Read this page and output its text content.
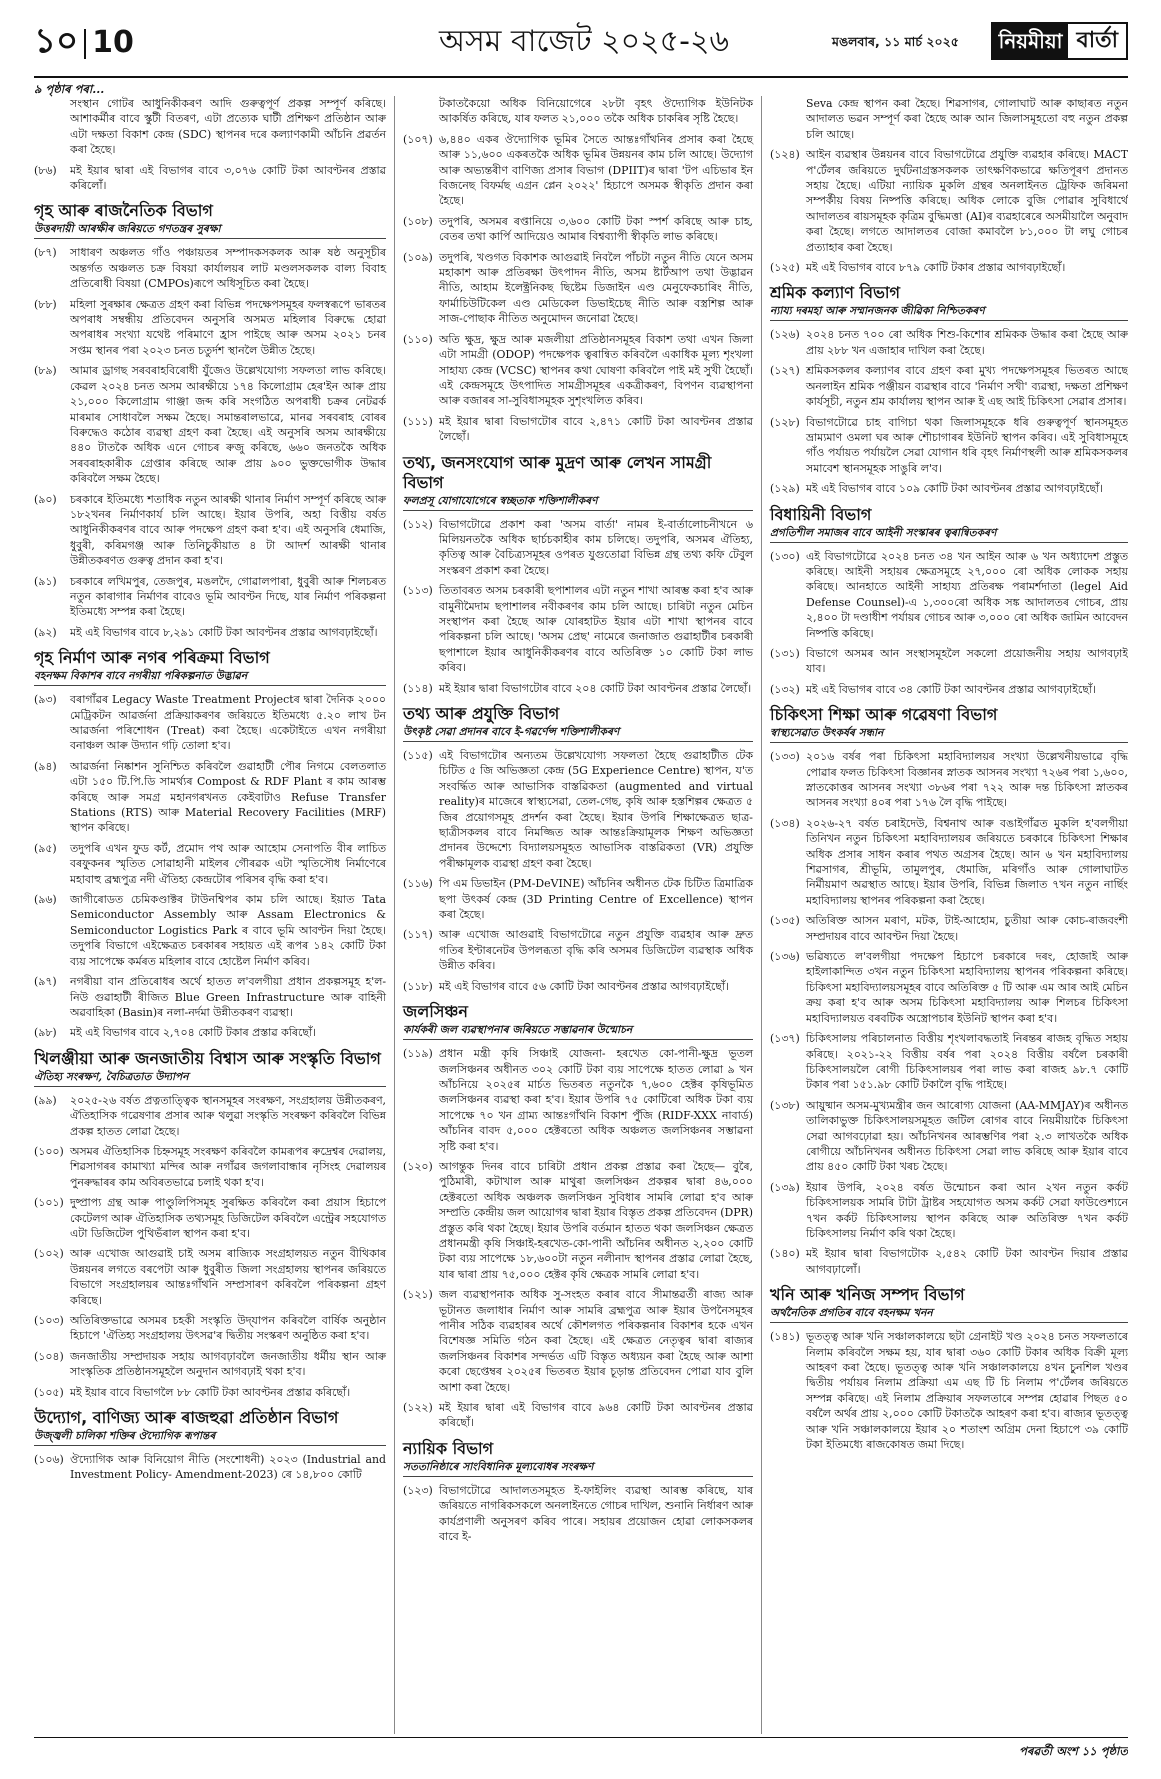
১০ 10	অসম বাজেট ২০২৫-২৬	মঙলবাৰ, ১১ মাৰ্চ ২০২৫	নিয়মীয়া বাৰ্তা
৯ পৃষ্ঠাৰ পৰা...

সংস্থান গোটৰ আধুনিকীকৰণ আদি গুৰুত্বপূৰ্ণ প্ৰকল্প সম্পূৰ্ণ কৰিছে। আশাকৰ্মীৰ বাবে স্কুটী বিতৰণ, এটা প্ৰত্যেক ঘাটী প্ৰশিক্ষণ প্ৰতিষ্ঠান আৰু এটা দক্ষতা বিকাশ কেন্দ্ৰ (SDC) স্থাপনৰ দৰে কল্যাণকামী আঁচনি প্ৰৱৰ্তন কৰা হৈছে।

(৮৬)	মই ইয়াৰ দ্বাৰা এই বিভাগৰ বাবে ৩,০৭৬ কোটি টকা আবণ্টনৰ প্ৰস্তাৱ কৰিলোঁ।

গৃহ আৰু ৰাজনৈতিক বিভাগ
উত্তৰদায়ী আৰক্ষীৰ জৰিয়তে গণতন্ত্ৰৰ সুৰক্ষা
(৮৭)	সাধাৰণ অঞ্চলত গাঁও পঞ্চায়তৰ সম্পাদকসকলক আৰু ষষ্ঠ অনুসূচীৰ অন্তৰ্গত অঞ্চলত চক্ৰ বিষয়া কাৰ্যালয়ৰ লাট মণ্ডলসকলক বাল্য বিবাহ প্ৰতিৰোধী বিষয়া (CMPOs)ৰূপে অধিসূচিত কৰা হৈছে।

(৮৮)	মহিলা সুৰক্ষাৰ ক্ষেত্ৰত গ্ৰহণ কৰা বিভিন্ন পদক্ষেপসমূহৰ ফলস্বৰূপে ভাৰতৰ অপৰাধ সম্বন্ধীয় প্ৰতিবেদন অনুসৰি অসমত মহিলাৰ বিৰুদ্ধে হোৱা অপৰাধৰ সংখ্যা যথেষ্ট পৰিমাণে হ্ৰাস পাইছে আৰু অসম ২০২১ চনৰ সপ্তম স্থানৰ পৰা ২০২৩ চনত চতুৰ্দশ স্থানলৈ উন্নীত হৈছে।

(৮৯)	আমাৰ ড্ৰাগছ সৰবৰাহবিৰোধী যুঁজেও উল্লেখযোগ্য সফলতা লাভ কৰিছে। কেৱল ২০২৪ চনত অসম আৰক্ষীয়ে ১৭৪ কিলোগ্ৰাম হেৰ'ইন আৰু প্ৰায় ২১,০০০ কিলোগ্ৰাম গাঞ্জা জব্দ কৰি সংগঠিত অপৰাধী চক্ৰৰ নেটৱৰ্ক মাৰমাৰ সোধাবলৈ সক্ষম হৈছে। সমান্তৰালভাৱে, মানৱ সৰবৰাহ বোৰৰ বিৰুদ্ধেও কঠোৰ ব্যৱস্থা গ্ৰহণ কৰা হৈছে। এই অনুসৰি অসম আৰক্ষীয়ে ৪৪০ টাতকৈ অধিক এনে গোচৰ ৰুজু কৰিছে, ৬৬০ জনতকৈ অধিক সৰবৰাহকাৰীক গ্ৰেপ্তাৰ কৰিছে আৰু প্ৰায় ৯০০ ভুক্তভোগীক উদ্ধাৰ কৰিবলৈ সক্ষম হৈছে।

(৯০)	চৰকাৰে ইতিমধ্যে শতাধিক নতুন আৰক্ষী থানাৰ নিৰ্মাণ সম্পূৰ্ণ কৰিছে আৰু ১৮২খনৰ নিৰ্মাণকাৰ্য চলি আছে। ইয়াৰ উপৰি, অহা বিত্তীয় বৰ্ষত আধুনিকীকৰণৰ বাবে আৰু পদক্ষেপ গ্ৰহণ কৰা হ'ব। এই অনুসৰি ধেমাজি, ধুবুৰী, কৰিমগঞ্জ আৰু তিনিচুকীয়াত ৪ টা আদৰ্শ আৰক্ষী থানাৰ উন্নীতকৰণত গুৰুত্ব প্ৰদান কৰা হ'ব।

(৯১)	চৰকাৰে লখিমপুৰ, তেজপুৰ, মঙলদৈ, গোৱালপাৰা, ধুবুৰী আৰু শিলচৰত নতুন কাৰাগাৰ নিৰ্মাণৰ বাবেও ভূমি আবণ্টন দিছে, যাৰ নিৰ্মাণ পৰিকল্পনা ইতিমধ্যে সম্পন্ন কৰা হৈছে।

(৯২)	মই এই বিভাগৰ বাবে ৮,২৯১ কোটি টকা আবণ্টনৰ প্ৰস্তাৱ আগবঢ়াইছোঁ।

গৃহ নিৰ্মাণ আৰু নগৰ পৰিক্ৰমা বিভাগ
বহনক্ষম বিকাশৰ বাবে নগৰীয়া পৰিকল্পনাত উদ্ভাৱন
(৯৩)	বৰাগাঁৱৰ Legacy Waste Treatment Projectৰ দ্বাৰা দৈনিক ২০০০ মেট্ৰিকটন আৱৰ্জনা প্ৰক্ৰিয়াকৰণৰ জৰিয়তে ইতিমধ্যে ৫.২০ লাখ টন আৱৰ্জনা পৰিশোধন (Treat) কৰা হৈছে। একেটাইতে এখন নগৰীয়া বনাঞ্চল আৰু উদ্যান গঢ়ি তোলা হ'ব।

(৯৪)	আৱৰ্জনা নিষ্কাশন সুনিশ্চিত কৰিবলৈ গুৱাহাটী পৌৰ নিগমে বেলতলাত এটা ১৫০ টি.পি.ডি সামৰ্থ্যৰ Compost & RDF Plant ৰ কাম আৰম্ভ কৰিছে আৰু সমগ্ৰ মহানগৰখনত কেইবাটাও Refuse Transfer Stations (RTS) আৰু Material Recovery Facilities (MRF) স্থাপন কৰিছে।

(৯৫)	তদুপৰি এখন ফুড কৰ্ট, প্ৰমোদ পথ আৰু আহোম সেনাপতি বীৰ লাচিত বৰফুকনৰ স্মৃতিত সোৱাহানী মাইলৰ গৌৰৱক এটা স্মৃতিসৌধ নিৰ্মাণেৰে মহাবাহু ব্ৰহ্মপুত্ৰ নদী ঐতিহ্য কেন্দ্ৰটোৰ পৰিসৰ বৃদ্ধি কৰা হ'ব।

(৯৬)	জাগীৰোডত চেমিকণ্ডাক্টৰ টাউনশ্বিপৰ কাম চলি আছে। ইয়াত Tata Semiconductor Assembly আৰু Assam Electronics & Semiconductor Logistics Park ৰ বাবে ভূমি আবণ্টন দিয়া হৈছে। তদুপৰি বিভাগে এইক্ষেত্ৰত চৰকাৰৰ সহায়ত এই ৰূপৰ ১৪২ কোটি টকা ব্যয় সাপেক্ষে কৰ্মৰত মহিলাৰ বাবে হোষ্টেল নিৰ্মাণ কৰিব।

(৯৭)	নগৰীয়া বান প্ৰতিৰোধৰ অৰ্থে হাতত ল'বলগীয়া প্ৰধান প্ৰকল্পসমূহ হ'ল- নিউ গুৱাহাটী ৰীজিত Blue Green Infrastructure আৰু বাহিনী অৱবাহিকা (Basin)ৰ নলা-নৰ্দমা উন্নীতকৰণ ব্যৱস্থা।

(৯৮)	মই এই বিভাগৰ বাবে ২,৭০৪ কোটি টকাৰ প্ৰস্তাৱ কৰিছোঁ।

খিলঞ্জীয়া আৰু জনজাতীয় বিশ্বাস আৰু সংস্কৃতি বিভাগ
ঐতিহ্য সংৰক্ষণ, বৈচিত্ৰতাত উদ্যাপন
(৯৯)	২০২৫-২৬ বৰ্ষত প্ৰত্নতাত্ত্বিক স্থানসমূহৰ সংৰক্ষণ, সংগ্ৰহালয় উন্নীতকৰণ, ঐতিহাসিক গৱেষণাৰ প্ৰসাৰ আৰু থলুৱা সংস্কৃতি সংৰক্ষণ কৰিবলৈ বিভিন্ন প্ৰকল্প হাতত লোৱা হৈছে।

(১০০) অসমৰ ঐতিহাসিক চিহ্নসমূহ সংৰক্ষণ কৰিবলৈ কামৰূপৰ ৰুদ্ৰেশ্বৰ দেৱালয়, শিৱসাগৰৰ কামাখ্যা মন্দিৰ আৰু নগাঁৱৰ জগলাবান্ধাৰ নৃসিংহ দেৱালয়ৰ পুনৰুদ্ধাৰৰ কাম অবিৰতভাৱে চলাই থকা হ'ব।

(১০১) দুষ্প্ৰাপ্য গ্ৰন্থ আৰু পাণ্ডুলিপিসমূহ সুৰক্ষিত কৰিবলৈ কৰা প্ৰয়াস হিচাপে কেটেলগ আৰু ঐতিহাসিক তথ্যসমূহ ডিজিটেল কৰিবলৈ এন্ট্ৰেৰ সহযোগত এটা ডিজিটেল পুথিভঁৰাল স্থাপন কৰা হ'ব।

(১০২) আৰু এখোজ আগুৱাই চাই অসম ৰাজ্যিক সংগ্ৰহালয়ত নতুন বীথিকাৰ উন্নয়নৰ লগতে বৰপেটা আৰু ধুবুৰীত জিলা সংগ্ৰহালয় স্থাপনৰ জৰিয়তে বিভাগে সংগ্ৰহালয়ৰ আন্তঃগাঁথনি সম্প্ৰসাৰণ কৰিবলৈ পৰিকল্পনা গ্ৰহণ কৰিছে।

(১০৩) অতিৰিক্তভাৱে অসমৰ চহকী সংস্কৃতি উদ্‌যাপন কৰিবলৈ বাৰ্ষিক অনুষ্ঠান হিচাপে 'ঐতিহ্য সংগ্ৰহালয় উৎসৱ'ৰ দ্বিতীয় সংস্কৰণ অনুষ্ঠিত কৰা হ'ব।

(১০৪) জনজাতীয় সম্প্ৰদায়ক সহায় আগবঢ়াবলৈ জনজাতীয় ধৰ্মীয় স্থান আৰু সাংস্কৃতিক প্ৰতিষ্ঠানসমূহলৈ অনুদান আগবঢ়াই থকা হ'ব।

(১০৫) মই ইয়াৰ বাবে বিভাগলৈ ৮৮ কোটি টকা আবণ্টনৰ প্ৰস্তাৱ কৰিছোঁ।

উদ্যোগ, বাণিজ্য আৰু ৰাজহুৱা প্ৰতিষ্ঠান বিভাগ
উজ্জ্বলী চালিকা শক্তিৰ ঔদ্যোগিক ৰূপান্তৰ
(১০৬) ঔদ্যোগিক আৰু বিনিয়োগ নীতি (সংশোধনী) ২০২৩ (Industrial and Investment Policy- Amendment-2023) ৰে ১৪,৮০০ কোটি

টকাতকৈয়ো অধিক বিনিয়োগেৰে ২৮টা বৃহৎ ঔদ্যোগিক ইউনিটক আকৰ্ষিত কৰিছে, যাৰ ফলত ২১,০০০ তকৈ অধিক চাকৰিৰ সৃষ্টি হৈছে।

(১০৭) ৬,৪৪০ একৰ ঔদ্যোগিক ভূমিৰ সৈতে আন্তঃগাঁথনিৰ প্ৰসাৰ কৰা হৈছে আৰু ১১,৬০০ একৰতকৈ অধিক ভূমিৰ উন্নয়নৰ কাম চলি আছে। উদ্যোগ আৰু অভ্যন্তৰীণ বাণিজ্য প্ৰসাৰ বিভাগ (DPIIT)ৰ দ্বাৰা 'টপ এচিভাৰ ইন বিজনেছ বিফৰ্মছ এগ্ৰন প্লেন ২০২২' হিচাপে অসমক স্বীকৃতি প্ৰদান কৰা হৈছে।

(১০৮) তদুপৰি, অসমৰ ৰপ্তানিয়ে ৩,৬০০ কোটি টকা স্পৰ্শ কৰিছে আৰু চাহ, বেতৰ তথা কাৰ্পি আদিয়েও আমাৰ বিশ্বব্যাপী স্বীকৃতি লাভ কৰিছে।

(১০৯) তদুপৰি, খণ্ডগত বিকাশক আগুৱাই নিবলৈ পাঁচটা নতুন নীতি যেনে অসম মহাকাশ আৰু প্ৰতিৰক্ষা উৎপাদন নীতি, অসম ষ্টাৰ্টআপ তথা উদ্ভাৱন নীতি, আহাম ইলেক্ট্ৰনিকছ ছিষ্টেম ডিজাইন এণ্ড মেনুফেকচাৰিং নীতি, ফাৰ্মাচিউটিকেল এণ্ড মেডিকেল ডিভাইচেছ নীতি আৰু বস্ত্ৰশিল্প আৰু সাজ-পোছাক নীতিত অনুমোদন জনোৱা হৈছে।

(১১০) অতি ক্ষুদ্ৰ, ক্ষুদ্ৰ আৰু মজলীয়া প্ৰতিষ্ঠানসমূহৰ বিকাশ তথা এখন জিলা এটা সামগ্ৰী (ODOP) পদক্ষেপক ত্বৰান্বিত কৰিবলৈ একাধিক মূল্য শৃংখলা সাহায্য কেন্দ্ৰ (VCSC) স্থাপনৰ কথা ঘোষণা কৰিবলৈ পাই মই সুখী হৈছোঁ। এই কেন্দ্ৰসমূহে উৎপাদিত সামগ্ৰীসমূহৰ একত্ৰীকৰণ, বিপণন ব্যৱস্থাপনা আৰু বজাৰৰ সা-সুবিধাসমূহক সুশৃংখলিত কৰিব।

(১১১) মই ইয়াৰ দ্বাৰা বিভাগটোৰ বাবে ২,৪৭১ কোটি টকা আবণ্টনৰ প্ৰস্তাৱ লৈছোঁ।

তথ্য, জনসংযোগ আৰু মুদ্ৰণ আৰু লেখন সামগ্ৰী বিভাগ
ফলপ্ৰসূ যোগাযোগেৰে স্বচ্ছতাক শক্তিশালীকৰণ
(১১২) বিভাগটোৱে প্ৰকাশ কৰা 'অসম বাৰ্তা' নামৰ ই-বাৰ্তালোচনীখনে ৬ মিলিয়নতকৈ অধিক ছাৰ্চচকাহীৰ কাম চলিছে। তদুপৰি, অসমৰ ঐতিহ্য, কৃতিত্ব আৰু বৈচিত্ৰ্যসমূহৰ ওপৰত যুগুতোৱা বিভিন্ন গ্ৰন্থ তথ্য কফি টেবুল সংস্কৰণ প্ৰকাশ কৰা হৈছে।

(১১৩) তিতাবৰত অসম চৰকাৰী ছপাশালৰ এটা নতুন শাখা আৰম্ভ কৰা হ'ব আৰু বামুনীমৈদাম ছপাশালৰ নবীকৰণৰ কাম চলি আছে। চাৰিটা নতুন মেচিন সংস্থাপন কৰা হৈছে আৰু যোৰহাটত ইয়াৰ এটা শাখা স্থাপনৰ বাবে পৰিকল্পনা চলি আছে। 'অসম প্ৰেছ' নামেৰে জনাজাত গুৱাহাটীৰ চৰকাৰী ছপাশালে ইয়াৰ আধুনিকীকৰণৰ বাবে অতিৰিক্ত ১০ কোটি টকা লাভ কৰিব।

(১১৪) মই ইয়াৰ দ্বাৰা বিভাগটোৰ বাবে ২০৪ কোটি টকা আবণ্টনৰ প্ৰস্তাৱ লৈছোঁ।

তথ্য আৰু প্ৰযুক্তি বিভাগ
উৎকৃষ্ট সেৱা প্ৰদানৰ বাবে ই-গৱৰ্ণেন্স শক্তিশালীকৰণ
(১১৫) এই বিভাগটোৰ অন্যতম উল্লেখযোগ্য সফলতা হৈছে গুৱাহাটীত টেক চিটিত ৫ জি অভিজ্ঞতা কেন্দ্ৰ (5G Experience Centre) স্থাপন, য'ত সংবৰ্দ্ধিত আৰু আভাসিক বাস্তৱিকতা (augmented and virtual reality)ৰ মাজেৰে স্বাস্থ্যসেৱা, তেল-গেছ, কৃষি আৰু হস্তশিল্পৰ ক্ষেত্ৰত ৫ জিৰ প্ৰয়োগসমূহ প্ৰদৰ্শন কৰা হৈছে। ইয়াৰ উপৰি শিক্ষাক্ষেত্ৰত ছাত্ৰ-ছাত্ৰীসকলৰ বাবে নিমজ্জিত আৰু আন্তঃক্ৰিয়ামূলক শিক্ষণ অভিজ্ঞতা প্ৰদানৰ উদ্দেশ্যে বিদ্যালয়সমূহত আভাসিক বাস্তৱিকতা (VR) প্ৰযুক্তি পৰীক্ষামূলক ব্যৱস্থা গ্ৰহণ কৰা হৈছে।

(১১৬) পি এম ডিভাইন (PM-DeVINE) আঁচনিৰ অধীনত টেক চিটিত ত্ৰিমাত্ৰিক ছপা উৎকৰ্ষ কেন্দ্ৰ (3D Printing Centre of Excellence) স্থাপন কৰা হৈছে।

(১১৭) আৰু এখোজ আগুৱাই বিভাগটোৱে নতুন প্ৰযুক্তি ব্যৱহাৰ আৰু দ্ৰুত গতিৰ ইণ্টাৰনেটৰ উপলব্ধতা বৃদ্ধি কৰি অসমৰ ডিজিটেল ব্যৱস্থাক অধিক উন্নীত কৰিব।

(১১৮) মই এই বিভাগৰ বাবে ৫৬ কোটি টকা আবণ্টনৰ প্ৰস্তাৱ আগবঢ়াইছোঁ।

জলসিঞ্চন
কাৰ্যকৰী জল ব্যৱস্থাপনাৰ জৰিয়তে সম্ভাৱনাৰ উন্মোচন
(১১৯) প্ৰধান মন্ত্ৰী কৃষি সিঞ্চাই যোজনা- হৰখেত কো-পানী-ক্ষুদ্ৰ ভূতল জলসিঞ্চনৰ অধীনত ৩০২ কোটি টকা ব্যয় সাপেক্ষে হাতত লোৱা ৯ খন আঁচনিয়ে ২০২৫ৰ মাৰ্চত ভিতৰত নতুনকৈ ৭,৬০০ হেক্টৰ কৃষিভূমিত জলসিঞ্চনৰ ব্যৱস্থা কৰা হ'ব। ইয়াৰ উপৰি ৭৫ কোটিৰো অধিক টকা ব্যয় সাপেক্ষে ৭০ খন গ্ৰাম্য আন্তঃগাঁথনি বিকাশ পুঁজি (RIDF-XXX নাবাৰ্ড) আঁচনিৰ বাবদ ৫,০০০ হেক্টৰতো অধিক অঞ্চলত জলসিঞ্চনৰ সম্ভাৱনা সৃষ্টি কৰা হ'ব।

(১২০) আগন্তুক দিনৰ বাবে চাৰিটা প্ৰধান প্ৰকল্প প্ৰস্তাৱ কৰা হৈছে— বুৰৈ, পুঠিমাৰী, কটাখাল আৰু মাথুৰা জলসিঞ্চন প্ৰকল্পৰ দ্বাৰা ৪৬,০০০ হেক্টৰতো অধিক অঞ্চলক জলসিঞ্চন সুবিধাৰ সামৰি লোৱা হ'ব আৰু সম্প্ৰতি কেন্দ্ৰীয় জল আয়োগৰ দ্বাৰা ইয়াৰ বিস্তৃত প্ৰকল্প প্ৰতিবেদন (DPR) প্ৰস্তুত কৰি থকা হৈছে। ইয়াৰ উপৰি বৰ্তমান হাতত থকা জলসিঞ্চন ক্ষেত্ৰত প্ৰধানমন্ত্ৰী কৃষি সিঞ্চাই-হৰখেত-কো-পানী আঁচনিৰ অধীনত ২,২০০ কোটি টকা ব্যয় সাপেক্ষে ১৮,৬০০টা নতুন নলীনাদ স্থাপনৰ প্ৰস্তাৱ লোৱা হৈছে, যাৰ দ্বাৰা প্ৰায় ৭৫,০০০ হেক্টৰ কৃষি ক্ষেত্ৰক সামৰি লোৱা হ'ব।

(১২১) জল ব্যৱস্থাপনাক অধিক সু-সংহত কৰাৰ বাবে সীমান্তৱৰ্তী ৰাজ্য আৰু ভূটানত জলাধাৰ নিৰ্মাণ আৰু সামৰি ব্ৰহ্মপুত্ৰ আৰু ইয়াৰ উপনৈসমূহৰ পানীৰ সঠিক ব্যৱহাৰৰ অৰ্থে কৌশলগত পৰিকল্পনাৰ বিকাশৰ হকে এখন বিশেষজ্ঞ সমিতি গঠন কৰা হৈছে। এই ক্ষেত্ৰত নেতৃত্বৰ দ্বাৰা ৰাজ্যৰ জলসিঞ্চনৰ বিকাশৰ সন্দৰ্ভত এটি বিস্তৃত অধ্যয়ন কৰা হৈছে আৰু আশা কৰো ছেপ্তেম্বৰ ২০২৫ৰ ভিতৰত ইয়াৰ চূড়ান্ত প্ৰতিবেদন পোৱা যাব বুলি আশা কৰা হৈছে।

(১২২) মই ইয়াৰ দ্বাৰা এই বিভাগৰ বাবে ৯৬৪ কোটি টকা আবণ্টনৰ প্ৰস্তাৱ কৰিছোঁ।

ন্যায়িক বিভাগ
সততানিষ্ঠাৰে সাংবিধানিক মূল্যবোধৰ সংৰক্ষণ
(১২৩) বিভাগটোৱে আদালতসমূহত ই-ফাইলিং ব্যৱস্থা আৰম্ভ কৰিছে, যাৰ জৰিয়তে নাগৰিকসকলে অনলাইনতে গোচৰ দাখিল, শুনানি নিৰ্ধাৰণ আৰু কাৰ্যপ্ৰণালী অনুসৰণ কৰিব পাৰে। সহায়ৰ প্ৰয়োজন হোৱা লোকসকলৰ বাবে ই-

Seva কেন্দ্ৰ স্থাপন কৰা হৈছে। শিৱসাগৰ, গোলাঘাট আৰু কাছাৰত নতুন আদালত ভৱন সম্পূৰ্ণ কৰা হৈছে আৰু আন জিলাসমূহতো বহু নতুন প্ৰকল্প চলি আছে।

(১২৪) আইন ব্যৱস্থাৰ উন্নয়নৰ বাবে বিভাগটোৱে প্ৰযুক্তি ব্যৱহাৰ কৰিছে। MACT প'ৰ্টেলৰ জৰিয়তে দুৰ্ঘটনাগ্ৰস্তসকলক তাৎক্ষণিকভাৱে ক্ষতিপূৰণ প্ৰদানত সহায় হৈছে। এটিয়া ন্যায়িক মুকলি গ্ৰন্থৰ অনলাইনত ট্ৰেফিক জৰিমনা সম্পৰ্কীয় বিষয় নিষ্পত্তি কৰিছে। অধিক লোকে বুজি পোৱাৰ সুবিধাৰ্থে আদালতৰ ৰায়সমূহক কৃত্ৰিম বুদ্ধিমত্তা (AI)ৰ ব্যৱহাৰেৰে অসমীয়ালৈ অনুবাদ কৰা হৈছে। লগতে আদালতৰ বোজা কমাবলৈ ৮১,০০০ টা লঘু গোচৰ প্ৰত্যাহাৰ কৰা হৈছে।

(১২৫) মই এই বিভাগৰ বাবে ৮৭৯ কোটি টকাৰ প্ৰস্তাৱ আগবঢ়াইছোঁ।

শ্ৰমিক কল্যাণ বিভাগ
ন্যায্য দৰমহা আৰু সম্মানজনক জীৱিকা নিশ্চিতকৰণ
(১২৬) ২০২৪ চনত ৭০০ ৰো অধিক শিশু-কিশোৰ শ্ৰমিকক উদ্ধাৰ কৰা হৈছে আৰু প্ৰায় ২৮৮ খন এজাহাৰ দাখিল কৰা হৈছে।

(১২৭) শ্ৰমিকসকলৰ কল্যাণৰ বাবে গ্ৰহণ কৰা মুখ্য পদক্ষেপসমূহৰ ভিতৰত আছে অনলাইন শ্ৰমিক পঞ্জীয়ন ব্যৱস্থাৰ বাবে 'নিৰ্মাণ সখী' ব্যৱস্থা, দক্ষতা প্ৰশিক্ষণ কাৰ্যসূচী, নতুন শ্ৰম কাৰ্যালয় স্থাপন আৰু ই এছ আই চিকিৎসা সেৱাৰ প্ৰসাৰ।

(১২৮) বিভাগটোৱে চাহ বাগিচা থকা জিলাসমূহকে ধৰি গুৰুত্বপূৰ্ণ স্থানসমূহত ভ্ৰাম্যমাণ ওমলা ঘৰ আৰু শৌচাগাৰৰ ইউনিট স্থাপন কৰিব। এই সুবিধাসমূহে গাঁও পৰ্যায়ত পৰ্যায়লৈ সেৱা যোগান ধৰি বৃহৎ নিৰ্মাণস্থলী আৰু শ্ৰমিকসকলৰ সমাবেশ স্থানসমূহক সাঙুৰি ল'ব।

(১২৯) মই এই বিভাগৰ বাবে ১০৯ কোটি টকা আবণ্টনৰ প্ৰস্তাৱ আগবঢ়াইছোঁ।

বিধায়িনী বিভাগ
প্ৰগতিশীল সমাজৰ বাবে আইনী সংস্কাৰৰ ত্বৰান্বিতকৰণ
(১৩০) এই বিভাগটোৱে ২০২৪ চনত ৩৪ খন আইন আৰু ৬ খন অধ্যাদেশ প্ৰস্তুত কৰিছে। আইনী সহায়ৰ ক্ষেত্ৰসমূহে ২৭,০০০ ৰো অধিক লোকক সহায় কৰিছে। আনহাতে আইনী সাহায্য প্ৰতিৰক্ষ পৰামৰ্শদাতা (legel Aid Defense Counsel)-এ ১,৩০০ৰো অধিক সঙ্ক আদালতৰ গোচৰ, প্ৰায় ২,৪০০ টা দণ্ডাধীশ পৰ্যায়ৰ গোচৰ আৰু ৩,০০০ ৰো অধিক জামিন আবেদন নিষ্পত্তি কৰিছে।

(১৩১) বিভাগে অসমৰ আন সংস্থাসমূহলৈ সকলো প্ৰয়োজনীয় সহায় আগবঢ়াই যাব।

(১৩২) মই এই বিভাগৰ বাবে ৩৪ কোটি টকা আবণ্টনৰ প্ৰস্তাৱ আগবঢ়াইছোঁ।

চিকিৎসা শিক্ষা আৰু গৱেষণা বিভাগ
স্বাস্থ্যসেৱাত উৎকৰ্ষৰ সন্ধান
(১৩৩) ২০১৬ বৰ্ষৰ পৰা চিকিৎসা মহাবিদ্যালয়ৰ সংখ্যা উল্লেখনীয়ভাৱে বৃদ্ধি পোৱাৰ ফলত চিকিৎসা বিজ্ঞানৰ স্নাতক আসনৰ সংখ্যা ৭২৬ৰ পৰা ১,৬০০, স্নাতকোত্তৰ আসনৰ সংখ্যা ৩৮৬ৰ পৰা ৭২২ আৰু দন্ত চিকিৎসা স্নাতকৰ আসনৰ সংখ্যা ৪০ৰ পৰা ১৭৬ লৈ বৃদ্ধি পাইছে।

(১৩৪) ২০২৬-২৭ বৰ্ষত চৰাইদেউ, বিশ্বনাথ আৰু বঙাইগাঁৱত মুকলি হ'বলগীয়া তিনিখন নতুন চিকিৎসা মহাবিদ্যালয়ৰ জৰিয়তে চৰকাৰে চিকিৎসা শিক্ষাৰ অধিক প্ৰসাৰ সাধন কৰাৰ পথত অগ্ৰসৰ হৈছে। আন ৬ খন মহাবিদ্যালয় শিৱসাগৰ, শ্ৰীভূমি, তামুলপুৰ, ধেমাজি, মৰিগাঁও আৰু গোলাঘাটত নিৰ্মীয়মাণ অৱস্থাত আছে। ইয়াৰ উপৰি, বিভিন্ন জিলাত ৭খন নতুন নাৰ্ছিং মহাবিদ্যালয় স্থাপনৰ পৰিকল্পনা কৰা হৈছে।

(১৩৫) অতিৰিক্ত আসন মৰাণ, মটক, টাই-আহোম, চুতীয়া আৰু কোচ-ৰাজবংশী সম্প্ৰদায়ৰ বাবে আবণ্টন দিয়া হৈছে।

(১৩৬) ভৱিষ্যতে ল'বলগীয়া পদক্ষেপ হিচাপে চৰকাৰে দৰং, হোজাই আৰু হাইলাকান্দিত ৩খন নতুন চিকিৎসা মহাবিদ্যালয় স্থাপনৰ পৰিকল্পনা কৰিছে। চিকিৎসা মহাবিদ্যালয়সমূহৰ বাবে অতিৰিক্ত ৫ টি আৰু এম আৰ আই মেচিন ক্ৰয় কৰা হ'ব আৰু অসম চিকিৎসা মহাবিদ্যালয় আৰু শিলচৰ চিকিৎসা মহাবিদ্যালয়ত বৰবটিক অস্ত্ৰোপচাৰ ইউনিট স্থাপন কৰা হ'ব।

(১৩৭) চিকিৎসালয় পৰিচালনাত বিত্তীয় শৃংখলাবদ্ধতাই নিৰন্তৰ ৰাজহ বৃদ্ধিত সহায় কৰিছে। ২০২১-২২ বিত্তীয় বৰ্ষৰ পৰা ২০২৪ বিত্তীয় বৰ্ষলৈ চৰকাৰী চিকিৎসালয়লৈ ৰোগী চিকিৎসালয়ৰ পৰা লাভ কৰা ৰাজহ ৯৮.৭ কোটি টকাৰ পৰা ১৫১.৯৮ কোটি টকালৈ বৃদ্ধি পাইছে।

(১৩৮) আয়ুষ্মান অসম-মুখ্যমন্ত্ৰীৰ জন আৰোগ্য যোজনা (AA-MMJAY)ৰ অধীনত তালিকাভুক্ত চিকিৎসালয়সমূহত জটিল ৰোগৰ বাবে নিয়মীয়াকৈ চিকিৎসা সেৱা আগবঢ়োৱা হয়। আঁচনিখনৰ আৰম্ভণিৰ পৰা ২.৩ লাখতকৈ অধিক ৰোগীয়ে আঁচনিখনৰ অধীনত চিকিৎসা সেৱা লাভ কৰিছে আৰু ইয়াৰ বাবে প্ৰায় ৪৫০ কোটি টকা খৰচ হৈছে।

(১৩৯) ইয়াৰ উপৰি, ২০২৪ বৰ্ষত উন্মোচন কৰা আন ২খন নতুন কৰ্কট চিকিৎসালয়ক সামৰি টাটা ট্ৰাষ্টৰ সহযোগত অসম কৰ্কট সেৱা ফাউণ্ডেশ্যনে ৭খন কৰ্কট চিকিৎসালয় স্থাপন কৰিছে আৰু অতিৰিক্ত ৭খন কৰ্কট চিকিৎসালয় নিৰ্মাণ কৰি থকা হৈছে।

(১৪০) মই ইয়াৰ দ্বাৰা বিভাগটোক ২,৫৪২ কোটি টকা আবণ্টন দিয়াৰ প্ৰস্তাৱ আগবঢ়ালোঁ।

খনি আৰু খনিজ সম্পদ বিভাগ
অৰ্থনৈতিক প্ৰগতিৰ বাবে বহনক্ষম খনন
(১৪১) ভূতত্ত্ব আৰু খনি সঞ্চালকালয়ে ছটা গ্ৰেনাইট খণ্ড ২০২৪ চনত সফলতাৰে নিলাম কৰিবলৈ সক্ষম হয়, যাৰ দ্বাৰা ৩৬০ কোটি টকাৰ অধিক বিক্ৰী মূল্য আহৰণ কৰা হৈছে। ভূতত্ত্ব আৰু খনি সঞ্চালকালয়ে ৪খন চুনশিল খণ্ডৰ দ্বিতীয় পৰ্যায়ৰ নিলাম প্ৰক্ৰিয়া এম এছ টি চি নিলাম প'ৰ্টেলৰ জৰিয়তে সম্পন্ন কৰিছে। এই নিলাম প্ৰক্ৰিয়াৰ সফলতাৰে সম্পন্ন হোৱাৰ পিছত ৫০ বৰ্ষলৈ অৰ্থৰ প্ৰায় ২,০০০ কোটি টকাতকৈ আহৰণ কৰা হ'ব। ৰাজ্যৰ ভূতত্ত্ব আৰু খনি সঞ্চালকালয়ে ইয়াৰ ২০ শতাংশ অগ্ৰিম দেনা হিচাপে ৩৯ কোটি টকা ইতিমধ্যে ৰাজকোষত জমা দিছে।

পৰৱৰ্তী অংশ ১১ পৃষ্ঠাত
